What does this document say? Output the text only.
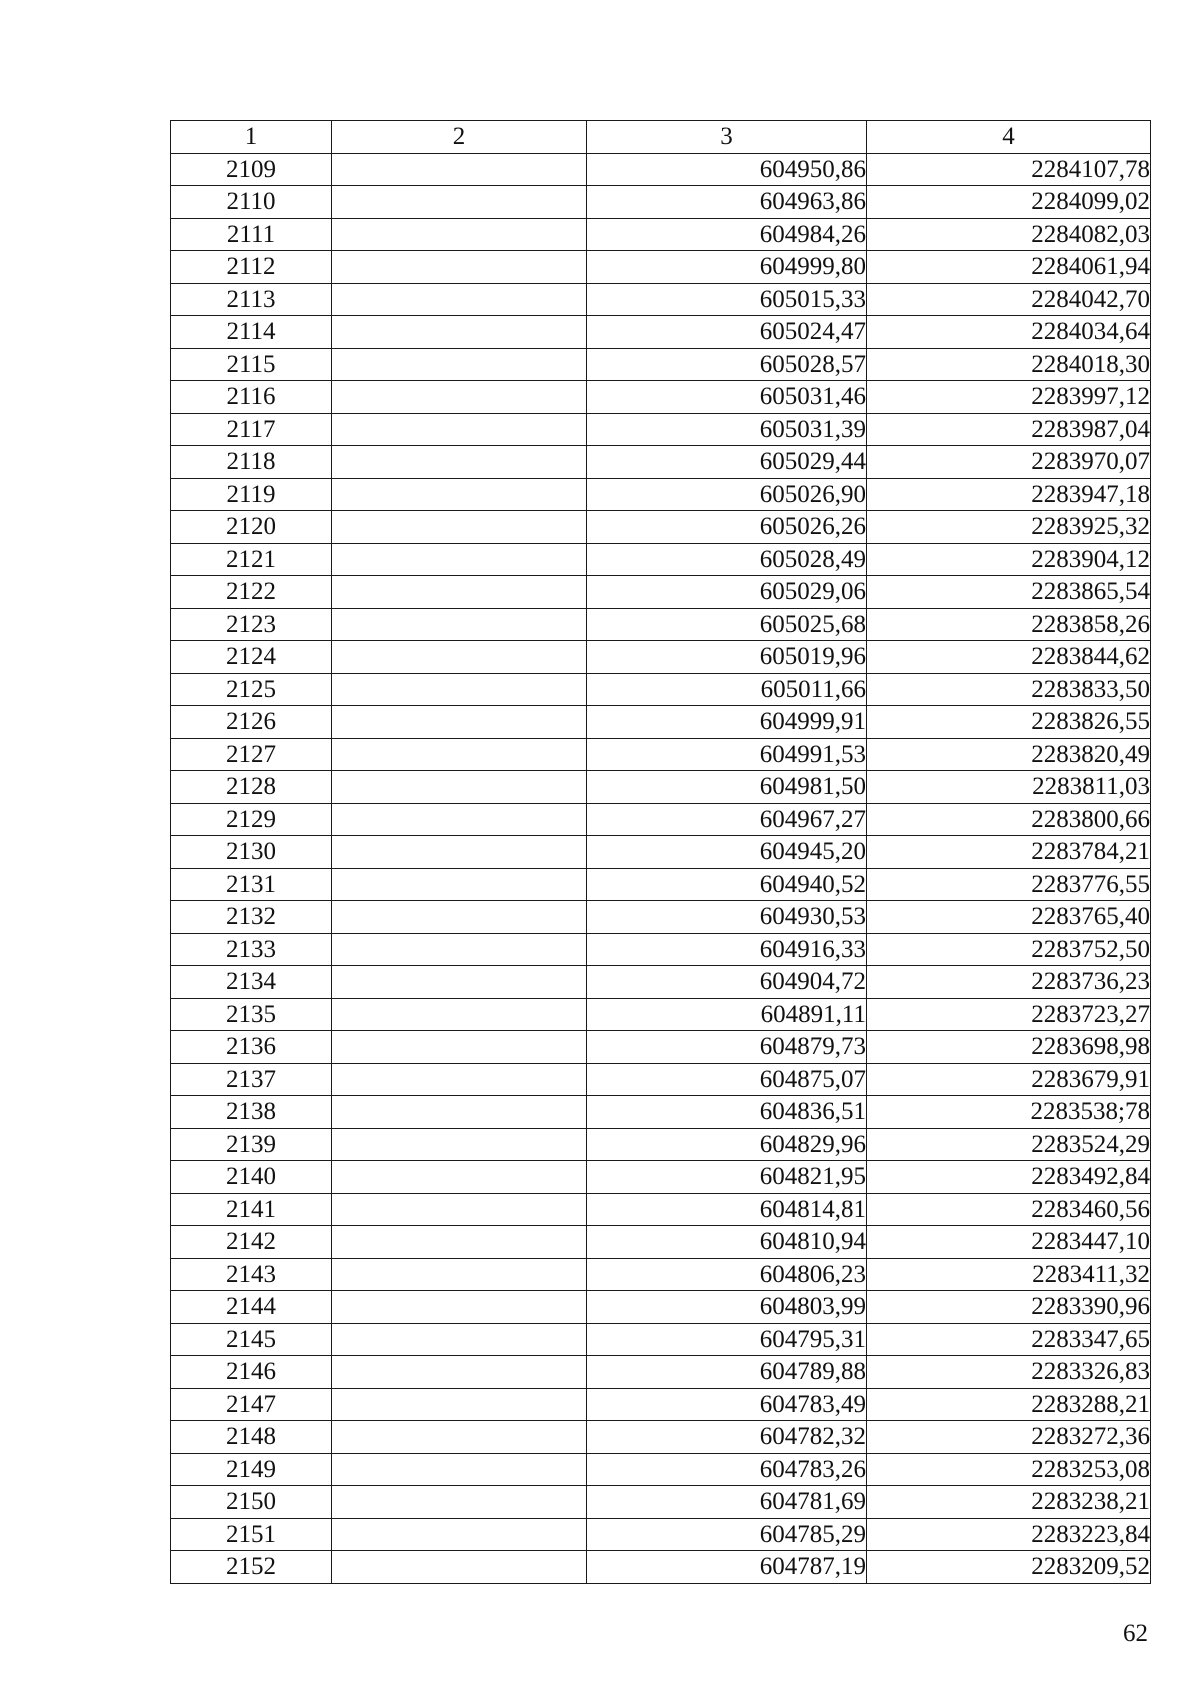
1	2	3	4
2109		604950,86	2284107,78
2110		604963,86	2284099,02
2111		604984,26	2284082,03
2112		604999,80	2284061,94
2113		605015,33	2284042,70
2114		605024,47	2284034,64
2115		605028,57	2284018,30
2116		605031,46	2283997,12
2117		605031,39	2283987,04
2118		605029,44	2283970,07
2119		605026,90	2283947,18
2120		605026,26	2283925,32
2121		605028,49	2283904,12
2122		605029,06	2283865,54
2123		605025,68	2283858,26
2124		605019,96	2283844,62
2125		605011,66	2283833,50
2126		604999,91	2283826,55
2127		604991,53	2283820,49
2128		604981,50	2283811,03
2129		604967,27	2283800,66
2130		604945,20	2283784,21
2131		604940,52	2283776,55
2132		604930,53	2283765,40
2133		604916,33	2283752,50
2134		604904,72	2283736,23
2135		604891,11	2283723,27
2136		604879,73	2283698,98
2137		604875,07	2283679,91
2138		604836,51	2283538;78
2139		604829,96	2283524,29
2140		604821,95	2283492,84
2141		604814,81	2283460,56
2142		604810,94	2283447,10
2143		604806,23	2283411,32
2144		604803,99	2283390,96
2145		604795,31	2283347,65
2146		604789,88	2283326,83
2147		604783,49	2283288,21
2148		604782,32	2283272,36
2149		604783,26	2283253,08
2150		604781,69	2283238,21
2151		604785,29	2283223,84
2152		604787,19	2283209,52
62
